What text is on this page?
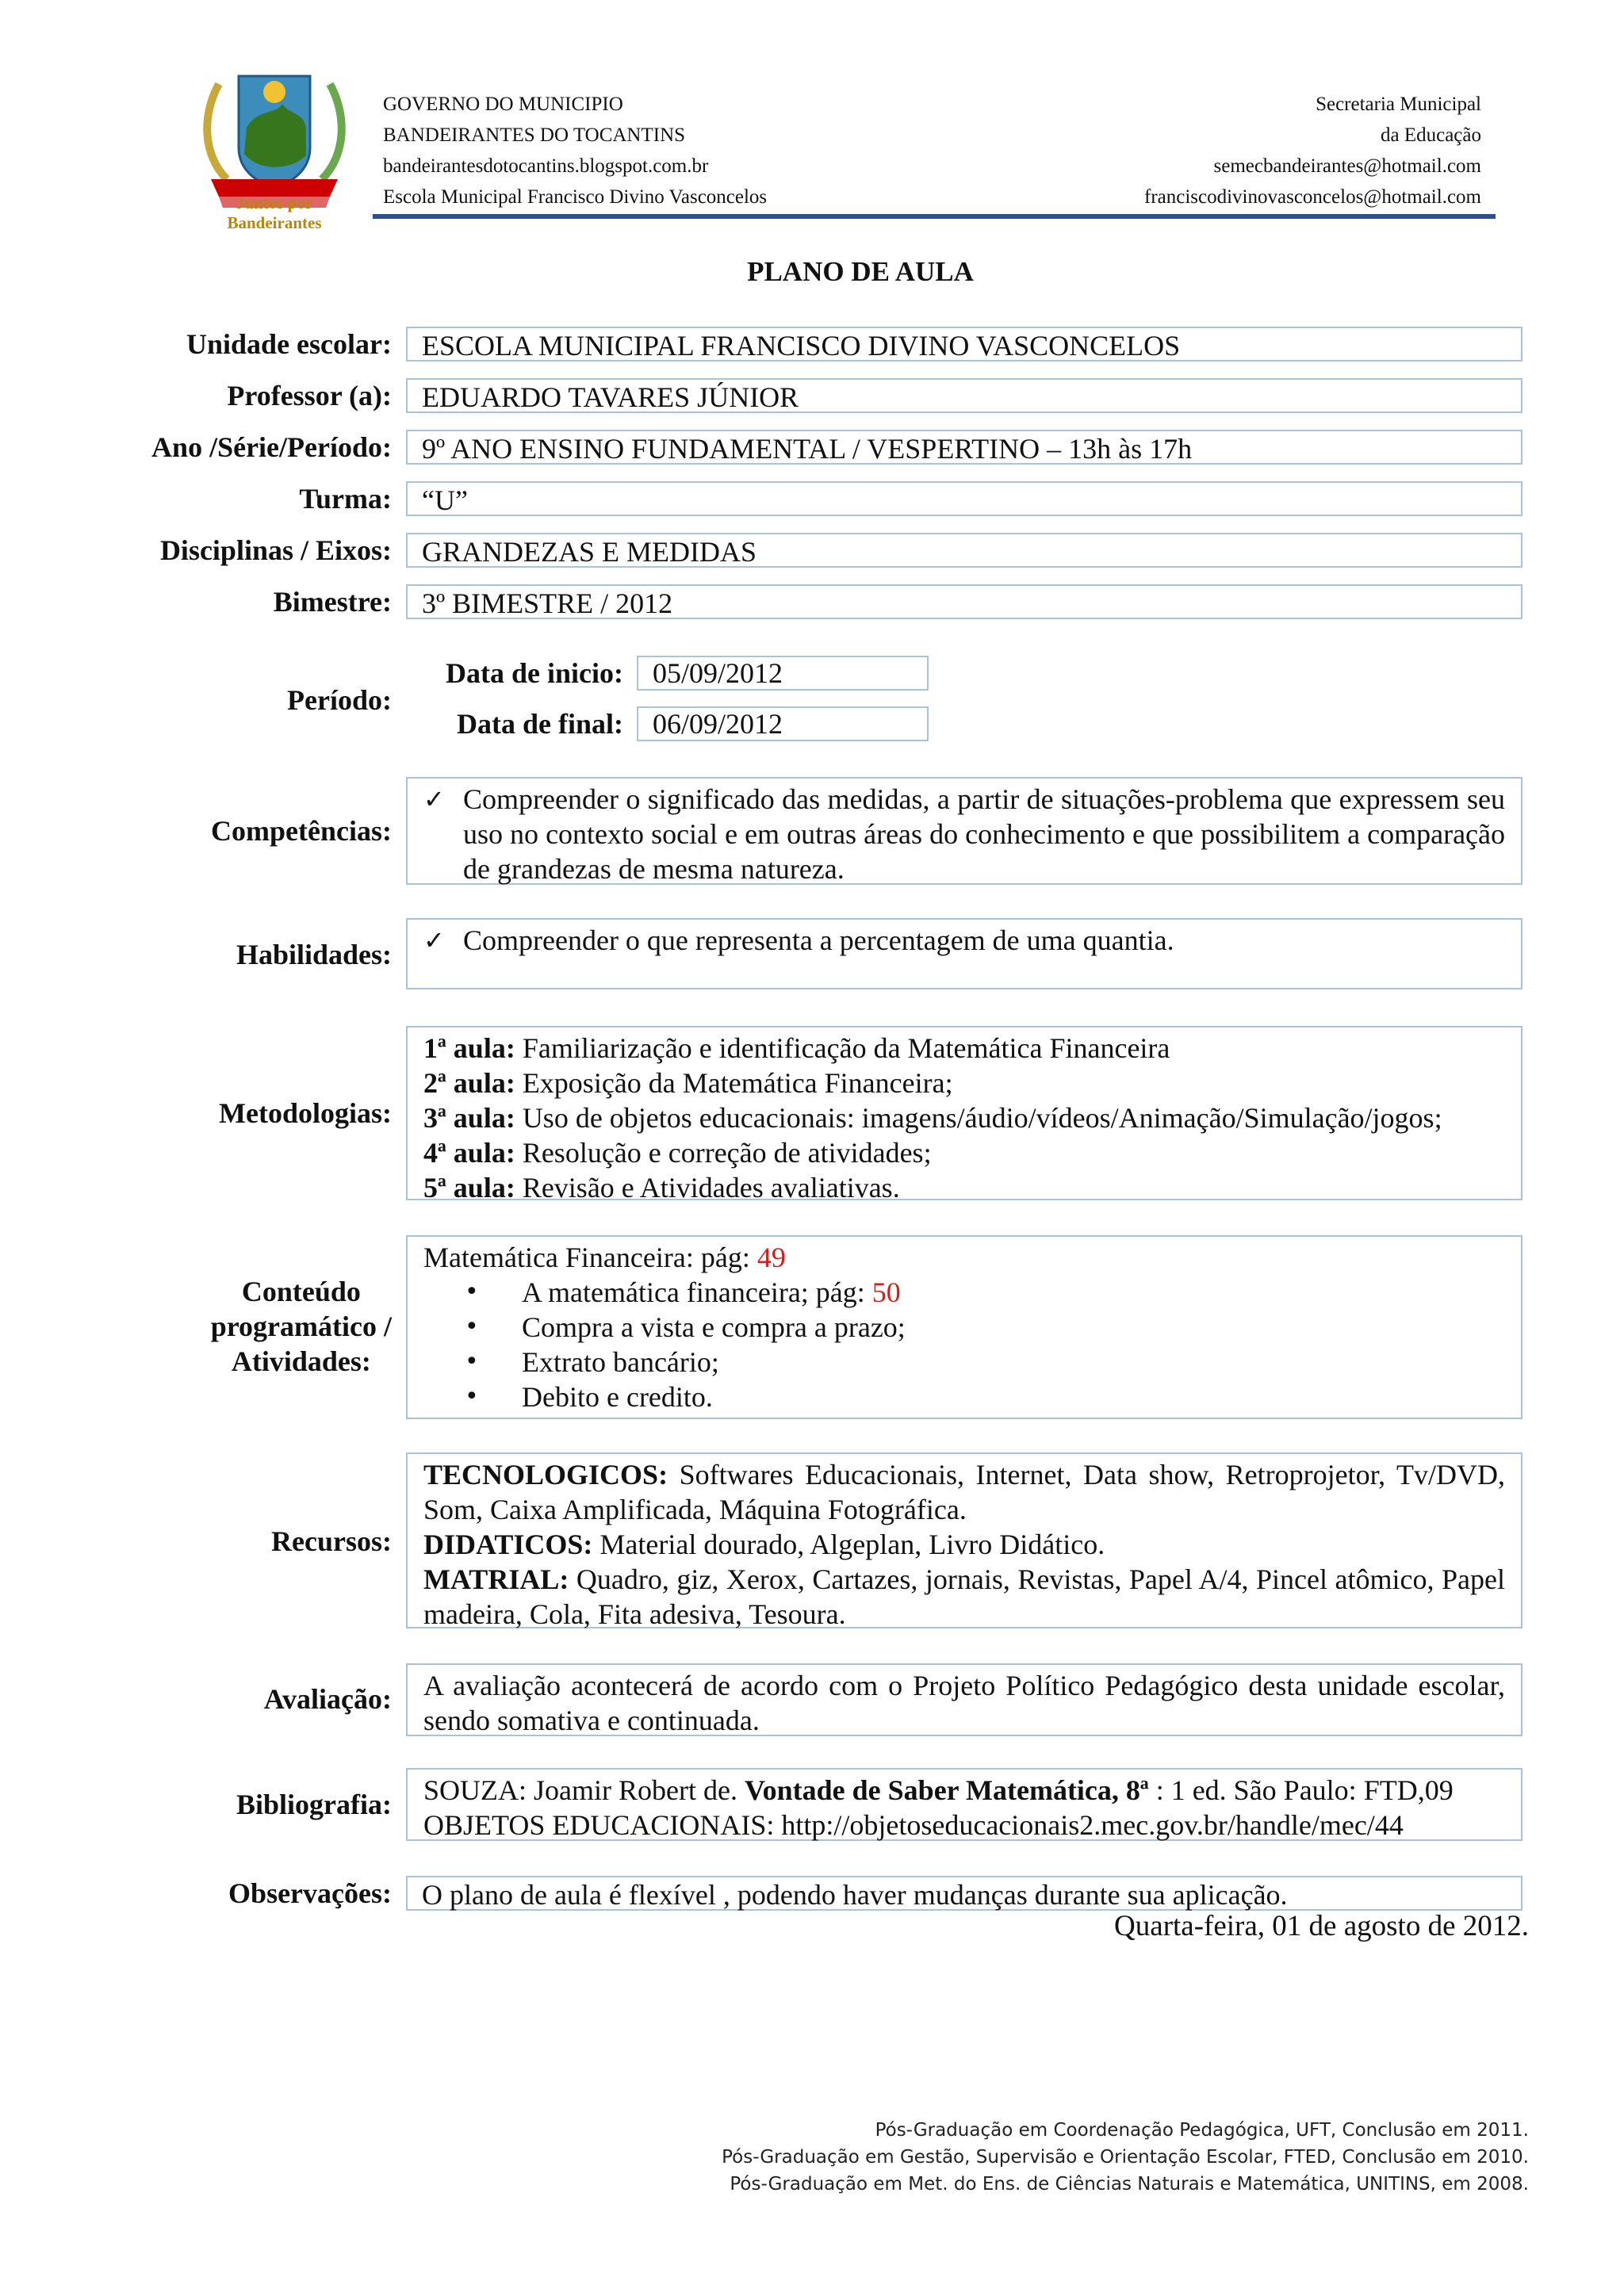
Juntos por Bandeirantes
GOVERNO DO MUNICIPIO
BANDEIRANTES DO TOCANTINS
bandeirantesdotocantins.blogspot.com.br
Escola Municipal Francisco Divino Vasconcelos
Secretaria Municipal
da Educação
semecbandeirantes@hotmail.com
franciscodivinovasconcelos@hotmail.com
PLANO DE AULA
Unidade escolar:	ESCOLA MUNICIPAL FRANCISCO DIVINO VASCONCELOS
Professor (a):	EDUARDO TAVARES JÚNIOR
Ano /Série/Período:	9º ANO ENSINO FUNDAMENTAL / VESPERTINO – 13h às 17h
Turma:	“U”
Disciplinas / Eixos:	GRANDEZAS E MEDIDAS
Bimestre:	3º BIMESTRE / 2012
Período:
Data de inicio:	05/09/2012
Data de final:	06/09/2012
Competências:
✓ Compreender o significado das medidas, a partir de situações-problema que expressem seu uso no contexto social e em outras áreas do conhecimento e que possibilitem a comparação de grandezas de mesma natureza.
Habilidades: ✓ Compreender o que representa a percentagem de uma quantia.
Metodologias:
1ª aula: Familiarização e identificação da Matemática Financeira
2ª aula: Exposição da Matemática Financeira;
3ª aula: Uso de objetos educacionais: imagens/áudio/vídeos/Animação/Simulação/jogos;
4ª aula: Resolução e correção de atividades;
5ª aula: Revisão e Atividades avaliativas.
Conteúdo
programático /
Atividades:
Matemática Financeira: pág: 49
•	A matemática financeira; pág: 50
•	Compra a vista e compra a prazo;
•	Extrato bancário;
•	Debito e credito.
Recursos:
TECNOLOGICOS: Softwares Educacionais, Internet, Data show, Retroprojetor, Tv/DVD, Som, Caixa Amplificada, Máquina Fotográfica.
DIDATICOS: Material dourado, Algeplan, Livro Didático.
MATRIAL: Quadro, giz, Xerox, Cartazes, jornais, Revistas, Papel A/4, Pincel atômico, Papel madeira, Cola, Fita adesiva, Tesoura.
Avaliação: A avaliação acontecerá de acordo com o Projeto Político Pedagógico desta unidade escolar, sendo somativa e continuada.
Bibliografia: SOUZA: Joamir Robert de. Vontade de Saber Matemática, 8ª : 1 ed. São Paulo: FTD,09
OBJETOS EDUCACIONAIS: http://objetoseducacionais2.mec.gov.br/handle/mec/44
Observações:	O plano de aula é flexível , podendo haver mudanças durante sua aplicação.
Quarta-feira, 01 de agosto de 2012.
Pós-Graduação em Coordenação Pedagógica, UFT, Conclusão em 2011.
Pós-Graduação em Gestão, Supervisão e Orientação Escolar, FTED, Conclusão em 2010.
Pós-Graduação em Met. do Ens. de Ciências Naturais e Matemática, UNITINS, em 2008.
